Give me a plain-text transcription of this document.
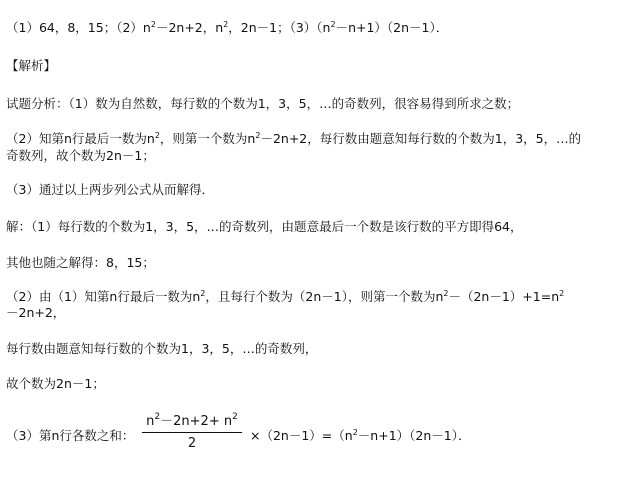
（1）64，8，15；$(2)n^2-2n+2$，$n^2$，2n－1；$(3)(n^2-n+1)(2n-1)$．
【解析】
试题分析：（1）数为自然数，每行数的个数为1，3，5，…的奇数列，很容易得到所求之数；
（2）知第n行最后一数为$n^2$，则第一个数为$n^2-2n+2$，每行数由题意知每行数的个数为1，3，5，…的
奇数列，故个数为2n－1；
（3）通过以上两步列公式从而解得．
解：（1）每行数的个数为1，3，5，…的奇数列，由题意最后一个数是该行数的平方即得64，
其他也随之解得：8，15；
（2）由（1）知第n行最后一数为$n^2$，且每行个数为（2n－1），则第一个数为$n^2-(2n-1)+1=n^2$
－2n+2，
每行数由题意知每行数的个数为1，3，5，…的奇数列，
故个数为2n－1；
（3）第n行各数之和：
$n^2-2n+2+ n^2$
2
$\times(2n-1)=(n^2-n+1)(2n-1)$．
